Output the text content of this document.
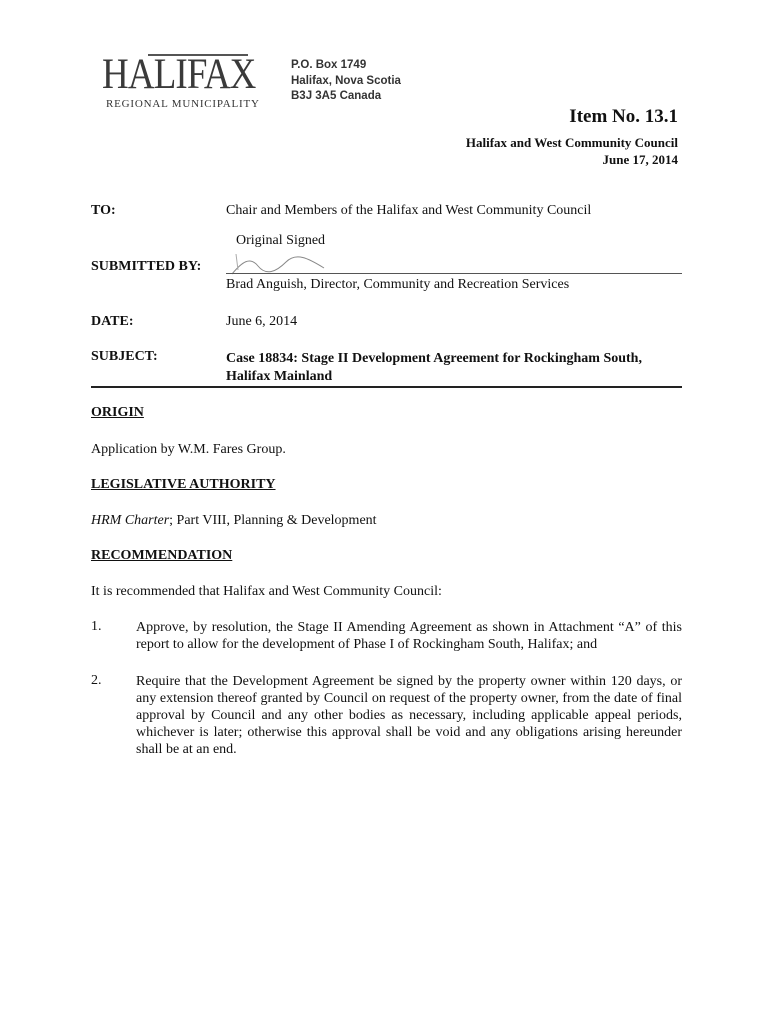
HALIFAX
REGIONAL MUNICIPALITY
P.O. Box 1749
Halifax, Nova Scotia
B3J 3A5 Canada
Item No. 13.1
Halifax and West Community Council
June 17, 2014
TO:	Chair and Members of the Halifax and West Community Council
Original Signed
SUBMITTED BY:
Brad Anguish, Director, Community and Recreation Services
DATE:	June 6, 2014
SUBJECT:	Case 18834: Stage II Development Agreement for Rockingham South, Halifax Mainland
ORIGIN
Application by W.M. Fares Group.
LEGISLATIVE AUTHORITY
HRM Charter; Part VIII, Planning & Development
RECOMMENDATION
It is recommended that Halifax and West Community Council:
1. Approve, by resolution, the Stage II Amending Agreement as shown in Attachment “A” of this report to allow for the development of Phase I of Rockingham South, Halifax; and
2. Require that the Development Agreement be signed by the property owner within 120 days, or any extension thereof granted by Council on request of the property owner, from the date of final approval by Council and any other bodies as necessary, including applicable appeal periods, whichever is later; otherwise this approval shall be void and any obligations arising hereunder shall be at an end.
